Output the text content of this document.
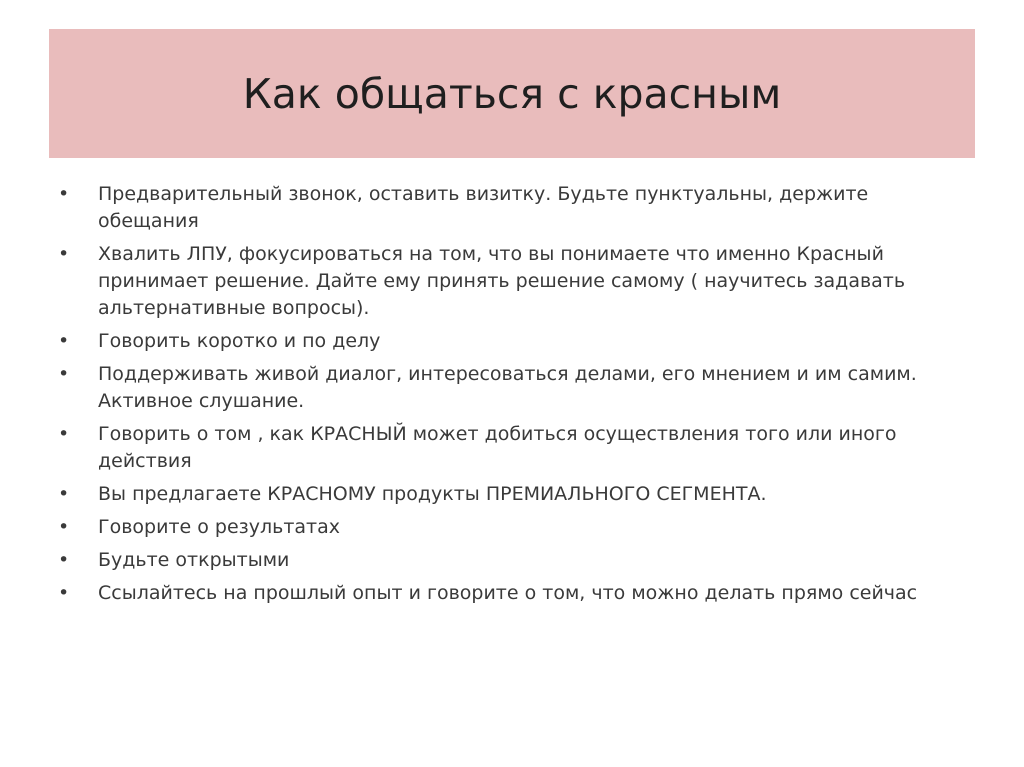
Как общаться с красным
•	Предварительный звонок, оставить визитку. Будьте пунктуальны, держите обещания
•	Хвалить ЛПУ, фокусироваться на том, что вы понимаете что именно Красный принимает решение. Дайте ему принять решение самому ( научитесь задавать альтернативные вопросы).
•	Говорить коротко и по делу
•	Поддерживать живой диалог, интересоваться делами, его мнением и им самим. Активное слушание.
•	Говорить о том , как КРАСНЫЙ может добиться осуществления того или иного действия
•	Вы предлагаете КРАСНОМУ продукты ПРЕМИАЛЬНОГО СЕГМЕНТА.
•	Говорите о результатах
•	Будьте открытыми
•	Ссылайтесь на прошлый опыт и говорите о том, что можно делать прямо сейчас
